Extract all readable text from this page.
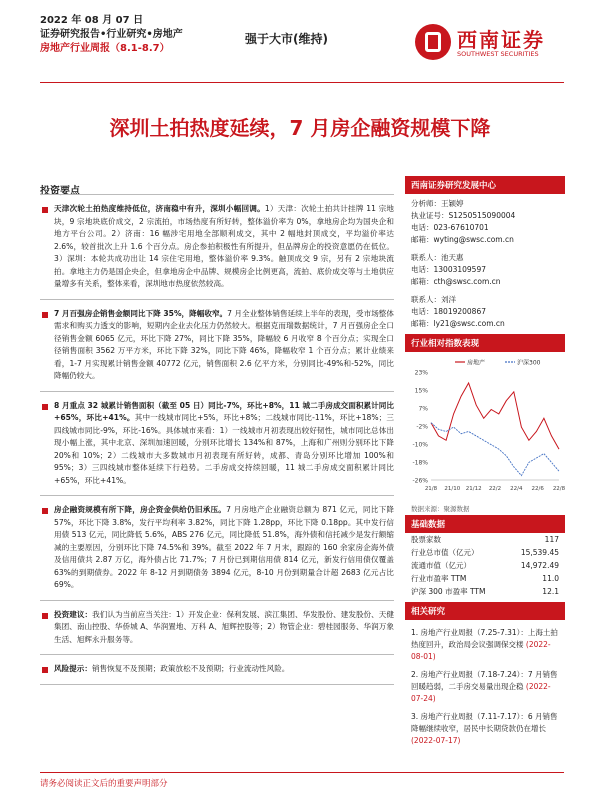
2022 年 08 月 07 日
证券研究报告•行业研究•房地产
房地产行业周报（8.1-8.7）
强于大市(维持)	西南证券
SOUTHWEST SECURITIES
深圳土拍热度延续，7 月房企融资规模下降
投资要点
天津次轮土拍热度维持低位，济南稳中有升，深圳小幅回调。1）天津：次轮土拍共计挂牌 11 宗地块，9 宗地块底价成交，2 宗流拍，市场热度有所好转，整体溢价率为 0%，拿地房企均为国央企和地方平台公司。2）济南：16 幅涉宅用地全部顺利成交，其中 2 幅地封顶成交，平均溢价率达 2.6%，较首批次上升 1.6 个百分点。房企参拍积极性有所提升，但品牌房企的投资意愿仍在低位。3）深圳：本轮共成功出让 14 宗住宅用地，整体溢价率 9.3%。触顶成交 9 宗，另有 2 宗地块流拍。拿地主力仍是国企央企，但拿地房企中品牌、规模房企比例更高，流拍、底价成交等与土地供应量增多有关系，整体来看，深圳地市热度依然较高。
7 月百强房企销售金额同比下降 35%，降幅收窄。7 月全业整体销售延续上半年的表现，受市场整体需求和购买力透支的影响，短期内企业去化压力仍然较大。根据克而瑞数据统计，7 月百强房企全口径销售金额 6065 亿元，环比下降 27%，同比下降 35%，降幅较 6 月收窄 8 个百分点；实现全口径销售面积 3562 万平方米，环比下降 32%，同比下降 46%，降幅收窄 1 个百分点；累计业绩来看，1-7 月实现累计销售金额 40772 亿元，销售面积 2.6 亿平方米，分别同比-49%和-52%，同比降幅仍较大。
8 月重点 32 城累计销售面积（截至 05 日）同比-7%，环比+8%，11 城二手房成交面积累计同比+65%，环比+41%。其中一线城市同比+5%，环比+8%；二线城市同比-11%，环比+18%；三四线城市同比-9%，环比-16%。具体城市来看：1）一线城市月初表现出较好韧性，城市同比总体出现小幅上涨，其中北京、深圳加速回暖，分别环比增长 134%和 87%，上海和广州则分别环比下降 20%和 10%；2）二线城市大多数城市月初表现有所好转，成都、青岛分别环比增加 100%和 95%；3）三四线城市整体延续下行趋势。二手房成交持续回暖，11 城二手房成交面积累计同比+65%，环比+41%。
房企融资规模有所下降，房企资金供给仍旧承压。7 月房地产企业融资总额为 871 亿元，同比下降 57%，环比下降 3.8%，发行平均利率 3.82%，同比下降 1.28pp，环比下降 0.18pp。其中发行信用债 513 亿元，同比降低 5.6%，ABS 276 亿元，同比降低 51.8%，海外债和信托减少是发行额缩减的主要原因，分别环比下降 74.5%和 39%。截至 2022 年 7 月末，跟踪的 160 余家房企海外债及信用债共 2.87 万亿，海外债占比 71.7%；7 月份已到期信用债 814 亿元，新发行信用债仅覆盖 63%的到期债券。2022 年 8-12 月到期债务 3894 亿元，8-10 月份到期量合计超 2683 亿元占比 69%。
投资建议：我们认为当前应当关注：1）开发企业：保利发展、滨江集团、华发股份、建发股份、天健集团、南山控股、华侨城 A、华润置地、万科 A、旭辉控股等；2）物管企业：碧桂园服务、华润万象生活、旭辉永升服务等。
风险提示：销售恢复不及预期；政策放松不及预期；行业流动性风险。
西南证券研究发展中心
分析师：王颖婷
执业证号：S1250515090004
电话：023-67610701
邮箱：wyting@swsc.com.cn
联系人：池天惠
电话：13003109597
邮箱：cth@swsc.com.cn
联系人：刘洋
电话：18019200867
邮箱：ly21@swsc.com.cn
行业相对指数表现
23%
15%
7%
-2%
-10%
-18%
-26%
21/8 21/10 21/12 22/2 22/4 22/6 22/8
房地产	沪深300
数据来源：聚源数据
基础数据
股票家数	117
行业总市值（亿元）	15,539.45
流通市值（亿元）	14,972.49
行业市盈率 TTM	11.0
沪深 300 市盈率 TTM	12.1
相关研究
1. 房地产行业周报（7.25-7.31）：上海土拍热度回升，政治局会议强调保交楼 (2022-08-01)
2. 房地产行业周报（7.18-7.24）：7 月销售回暖趋弱，二手房交易量出现企稳 (2022-07-24)
3. 房地产行业周报（7.11-7.17）：6 月销售降幅继续收窄，居民中长期贷款仍在增长 (2022-07-17)
请务必阅读正文后的重要声明部分
